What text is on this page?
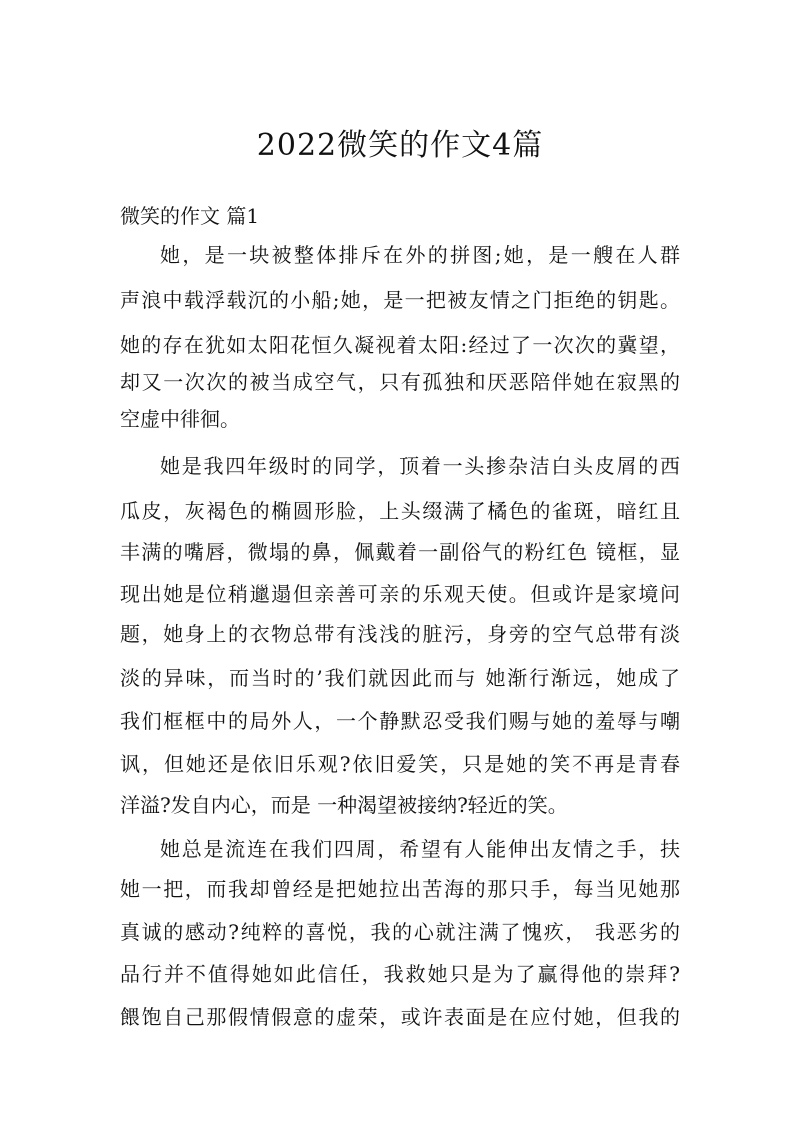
2022微笑的作文4篇
微笑的作文 篇1
她，是一块被整体排斥在外的拼图;她，是一艘在人群
声浪中载浮载沉的小船;她，是一把被友情之门拒绝的钥匙。
她的存在犹如太阳花恒久凝视着太阳:经过了一次次的冀望，
却又一次次的被当成空气，只有孤独和厌恶陪伴她在寂黑的
空虚中徘徊。
她是我四年级时的同学，顶着一头掺杂洁白头皮屑的西
瓜皮，灰褐色的椭圆形脸，上头缀满了橘色的雀斑，暗红且
丰满的嘴唇，微塌的鼻，佩戴着一副俗气的粉红色 镜框，显
现出她是位稍邋遢但亲善可亲的乐观天使。但或许是家境问
题，她身上的衣物总带有浅浅的脏污，身旁的空气总带有淡
淡的异味，而当时的’我们就因此而与 她渐行渐远，她成了
我们框框中的局外人，一个静默忍受我们赐与她的羞辱与嘲
讽，但她还是依旧乐观?依旧爱笑，只是她的笑不再是青春
洋溢?发自内心，而是 一种渴望被接纳?轻近的笑。
她总是流连在我们四周，希望有人能伸出友情之手，扶
她一把，而我却曾经是把她拉出苦海的那只手，每当见她那
真诚的感动?纯粹的喜悦，我的心就注满了愧疚， 我恶劣的
品行并不值得她如此信任，我救她只是为了赢得他的崇拜?
餵饱自己那假情假意的虚荣，或许表面是在应付她，但我的
